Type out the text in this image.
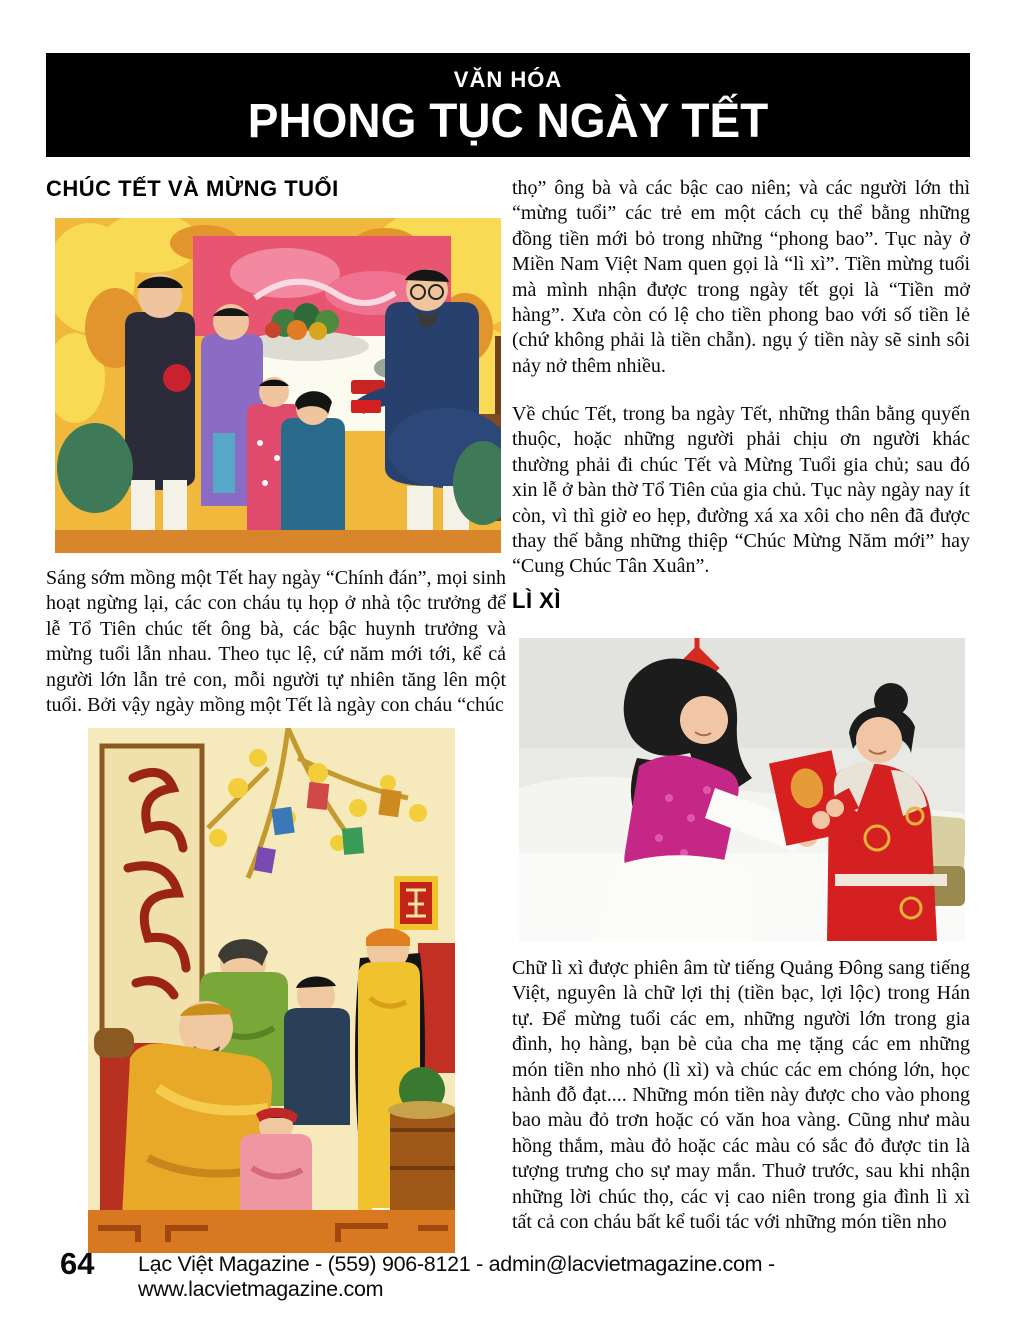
VĂN HÓA
PHONG TỤC NGÀY TẾT
CHÚC TẾT VÀ MỪNG TUỔI
Sáng sớm mồng một Tết hay ngày “Chính đán”, mọi sinh hoạt ngừng lại, các con cháu tụ họp ở nhà tộc trưởng để lễ Tổ Tiên chúc tết ông bà, các bậc huynh trưởng và mừng tuổi lẫn nhau. Theo tục lệ, cứ năm mới tới, kể cả người lớn lẫn trẻ con, mỗi người tự nhiên tăng lên một tuổi. Bởi vậy ngày mồng một Tết là ngày con cháu “chúc
thọ” ông bà và các bậc cao niên; và các người lớn thì “mừng tuổi” các trẻ em một cách cụ thể bằng những đồng tiền mới bỏ trong những “phong bao”. Tục này ở Miền Nam Việt Nam quen gọi là “lì xì”. Tiền mừng tuổi mà mình nhận được trong ngày tết gọi là “Tiền mở hàng”. Xưa còn có lệ cho tiền phong bao với số tiền lẻ (chứ không phải là tiền chẵn). ngụ ý tiền này sẽ sinh sôi nảy nở thêm nhiều.
Về chúc Tết, trong ba ngày Tết, những thân bằng quyến thuộc, hoặc những người phải chịu ơn người khác thường phải đi chúc Tết và Mừng Tuổi gia chủ; sau đó xin lễ ở bàn thờ Tổ Tiên của gia chủ. Tục này ngày nay ít còn, vì thì giờ eo hẹp, đường xá xa xôi cho nên đã được thay thế bằng những thiệp “Chúc Mừng Năm mới” hay “Cung Chúc Tân Xuân”.
LÌ XÌ
Chữ lì xì được phiên âm từ tiếng Quảng Đông sang tiếng Việt, nguyên là chữ lợi thị (tiền bạc, lợi lộc) trong Hán tự. Để mừng tuổi các em, những người lớn trong gia đình, họ hàng, bạn bè của cha mẹ tặng các em những món tiền nho nhỏ (lì xì) và chúc các em chóng lớn, học hành đỗ đạt.... Những món tiền này được cho vào phong bao màu đỏ trơn hoặc có văn hoa vàng. Cũng như màu hồng thắm, màu đỏ hoặc các màu có sắc đỏ được tin là tượng trưng cho sự may mắn. Thuở trước, sau khi nhận những lời chúc thọ, các vị cao niên trong gia đình lì xì tất cả con cháu bất kể tuổi tác với những món tiền nho
64 Lạc Việt Magazine - (559) 906-8121 - admin@lacvietmagazine.com - www.lacvietmagazine.com
